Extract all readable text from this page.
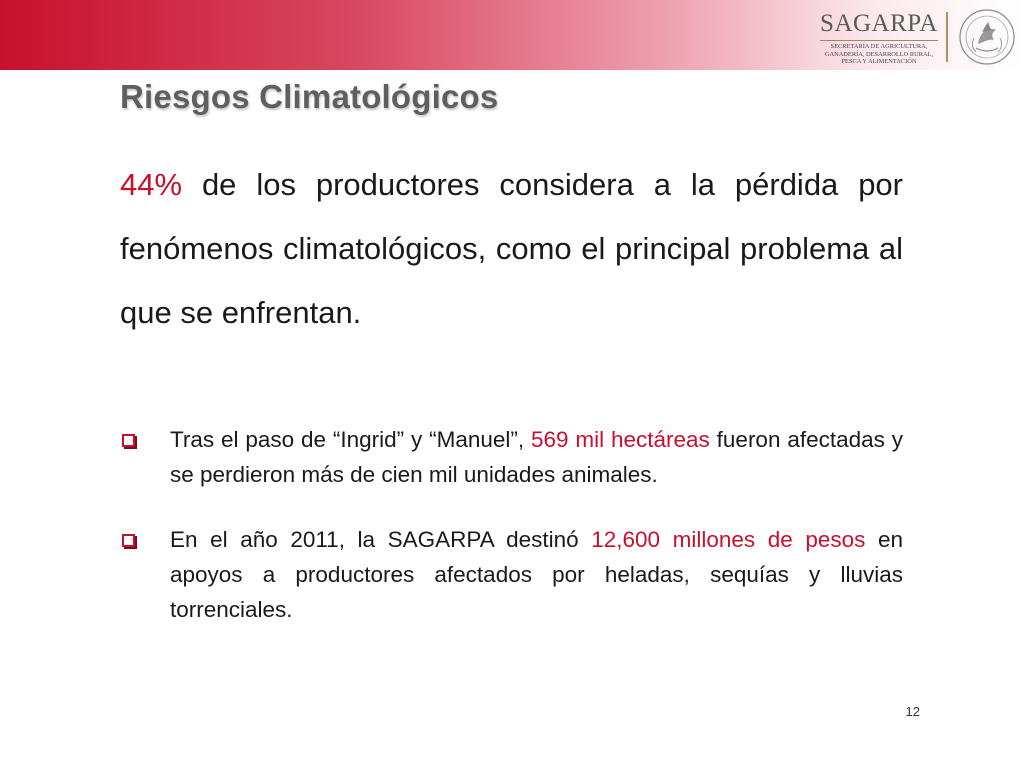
SAGARPA
SECRETARÍA DE AGRICULTURA,
GANADERÍA, DESARROLLO RURAL,
PESCA Y ALIMENTACIÓN
Riesgos Climatológicos

44% de los productores considera a la pérdida por fenómenos climatológicos, como el principal problema al que se enfrentan.

Tras el paso de “Ingrid” y “Manuel”, 569 mil hectáreas fueron afectadas y se perdieron más de cien mil unidades animales.
En el año 2011, la SAGARPA destinó 12,600 millones de pesos en apoyos a productores afectados por heladas, sequías y lluvias torrenciales.
12
